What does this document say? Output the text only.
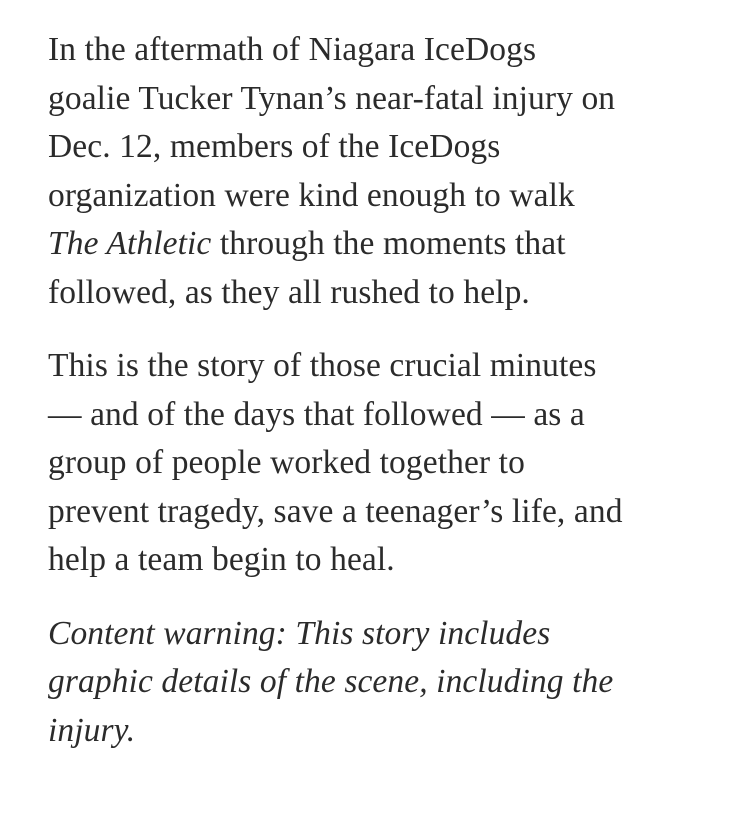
In the aftermath of Niagara IceDogs
goalie Tucker Tynan’s near-fatal injury on
Dec. 12, members of the IceDogs
organization were kind enough to walk
The Athletic through the moments that
followed, as they all rushed to help.

This is the story of those crucial minutes
— and of the days that followed — as a
group of people worked together to
prevent tragedy, save a teenager’s life, and
help a team begin to heal.

Content warning: This story includes
graphic details of the scene, including the
injury.
